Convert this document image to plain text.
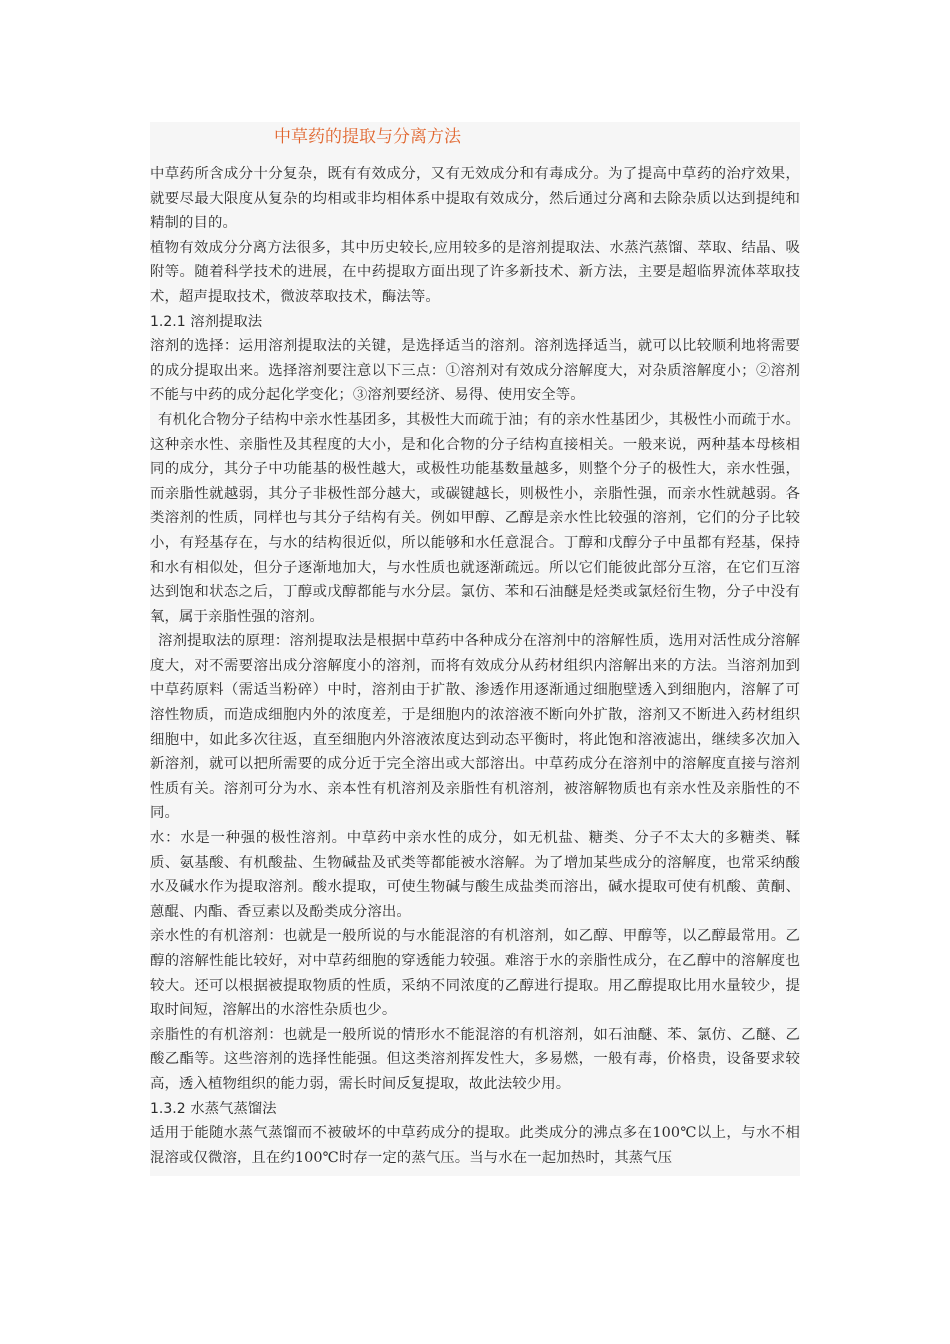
中草药的提取与分离方法

中草药所含成分十分复杂，既有有效成分，又有无效成分和有毒成分。为了提高中草药的治疗效果，就要尽最大限度从复杂的均相或非均相体系中提取有效成分，然后通过分离和去除杂质以达到提纯和精制的目的。

植物有效成分分离方法很多，其中历史较长,应用较多的是溶剂提取法、水蒸汽蒸馏、萃取、结晶、吸附等。随着科学技术的进展，在中药提取方面出现了许多新技术、新方法，主要是超临界流体萃取技术，超声提取技术，微波萃取技术，酶法等。

1.2.1 溶剂提取法

溶剂的选择：运用溶剂提取法的关键，是选择适当的溶剂。溶剂选择适当，就可以比较顺利地将需要的成分提取出来。选择溶剂要注意以下三点：①溶剂对有效成分溶解度大，对杂质溶解度小；②溶剂不能与中药的成分起化学变化；③溶剂要经济、易得、使用安全等。

有机化合物分子结构中亲水性基团多，其极性大而疏于油；有的亲水性基团少，其极性小而疏于水。这种亲水性、亲脂性及其程度的大小，是和化合物的分子结构直接相关。一般来说，两种基本母核相同的成分，其分子中功能基的极性越大，或极性功能基数量越多，则整个分子的极性大，亲水性强，而亲脂性就越弱，其分子非极性部分越大，或碳键越长，则极性小，亲脂性强，而亲水性就越弱。各类溶剂的性质，同样也与其分子结构有关。例如甲醇、乙醇是亲水性比较强的溶剂，它们的分子比较小，有羟基存在，与水的结构很近似，所以能够和水任意混合。丁醇和戊醇分子中虽都有羟基，保持和水有相似处，但分子逐渐地加大，与水性质也就逐渐疏远。所以它们能彼此部分互溶，在它们互溶达到饱和状态之后，丁醇或戊醇都能与水分层。氯仿、苯和石油醚是烃类或氯烃衍生物，分子中没有氧，属于亲脂性强的溶剂。

溶剂提取法的原理：溶剂提取法是根据中草药中各种成分在溶剂中的溶解性质，选用对活性成分溶解度大，对不需要溶出成分溶解度小的溶剂，而将有效成分从药材组织内溶解出来的方法。当溶剂加到中草药原料（需适当粉碎）中时，溶剂由于扩散、渗透作用逐渐通过细胞壁透入到细胞内，溶解了可溶性物质，而造成细胞内外的浓度差，于是细胞内的浓溶液不断向外扩散，溶剂又不断进入药材组织细胞中，如此多次往返，直至细胞内外溶液浓度达到动态平衡时，将此饱和溶液滤出，继续多次加入新溶剂，就可以把所需要的成分近于完全溶出或大部溶出。中草药成分在溶剂中的溶解度直接与溶剂性质有关。溶剂可分为水、亲本性有机溶剂及亲脂性有机溶剂，被溶解物质也有亲水性及亲脂性的不同。

水：水是一种强的极性溶剂。中草药中亲水性的成分，如无机盐、糖类、分子不太大的多糖类、鞣质、氨基酸、有机酸盐、生物碱盐及甙类等都能被水溶解。为了增加某些成分的溶解度，也常采纳酸水及碱水作为提取溶剂。酸水提取，可使生物碱与酸生成盐类而溶出，碱水提取可使有机酸、黄酮、蒽醌、内酯、香豆素以及酚类成分溶出。

亲水性的有机溶剂：也就是一般所说的与水能混溶的有机溶剂，如乙醇、甲醇等，以乙醇最常用。乙醇的溶解性能比较好，对中草药细胞的穿透能力较强。难溶于水的亲脂性成分，在乙醇中的溶解度也较大。还可以根据被提取物质的性质，采纳不同浓度的乙醇进行提取。用乙醇提取比用水量较少，提取时间短，溶解出的水溶性杂质也少。

亲脂性的有机溶剂：也就是一般所说的情形水不能混溶的有机溶剂，如石油醚、苯、氯仿、乙醚、乙酸乙酯等。这些溶剂的选择性能强。但这类溶剂挥发性大，多易燃，一般有毒，价格贵，设备要求较高，透入植物组织的能力弱，需长时间反复提取，故此法较少用。

1.3.2 水蒸气蒸馏法

适用于能随水蒸气蒸馏而不被破坏的中草药成分的提取。此类成分的沸点多在100℃以上，与水不相混溶或仅微溶，且在约100℃时存一定的蒸气压。当与水在一起加热时，其蒸气压
